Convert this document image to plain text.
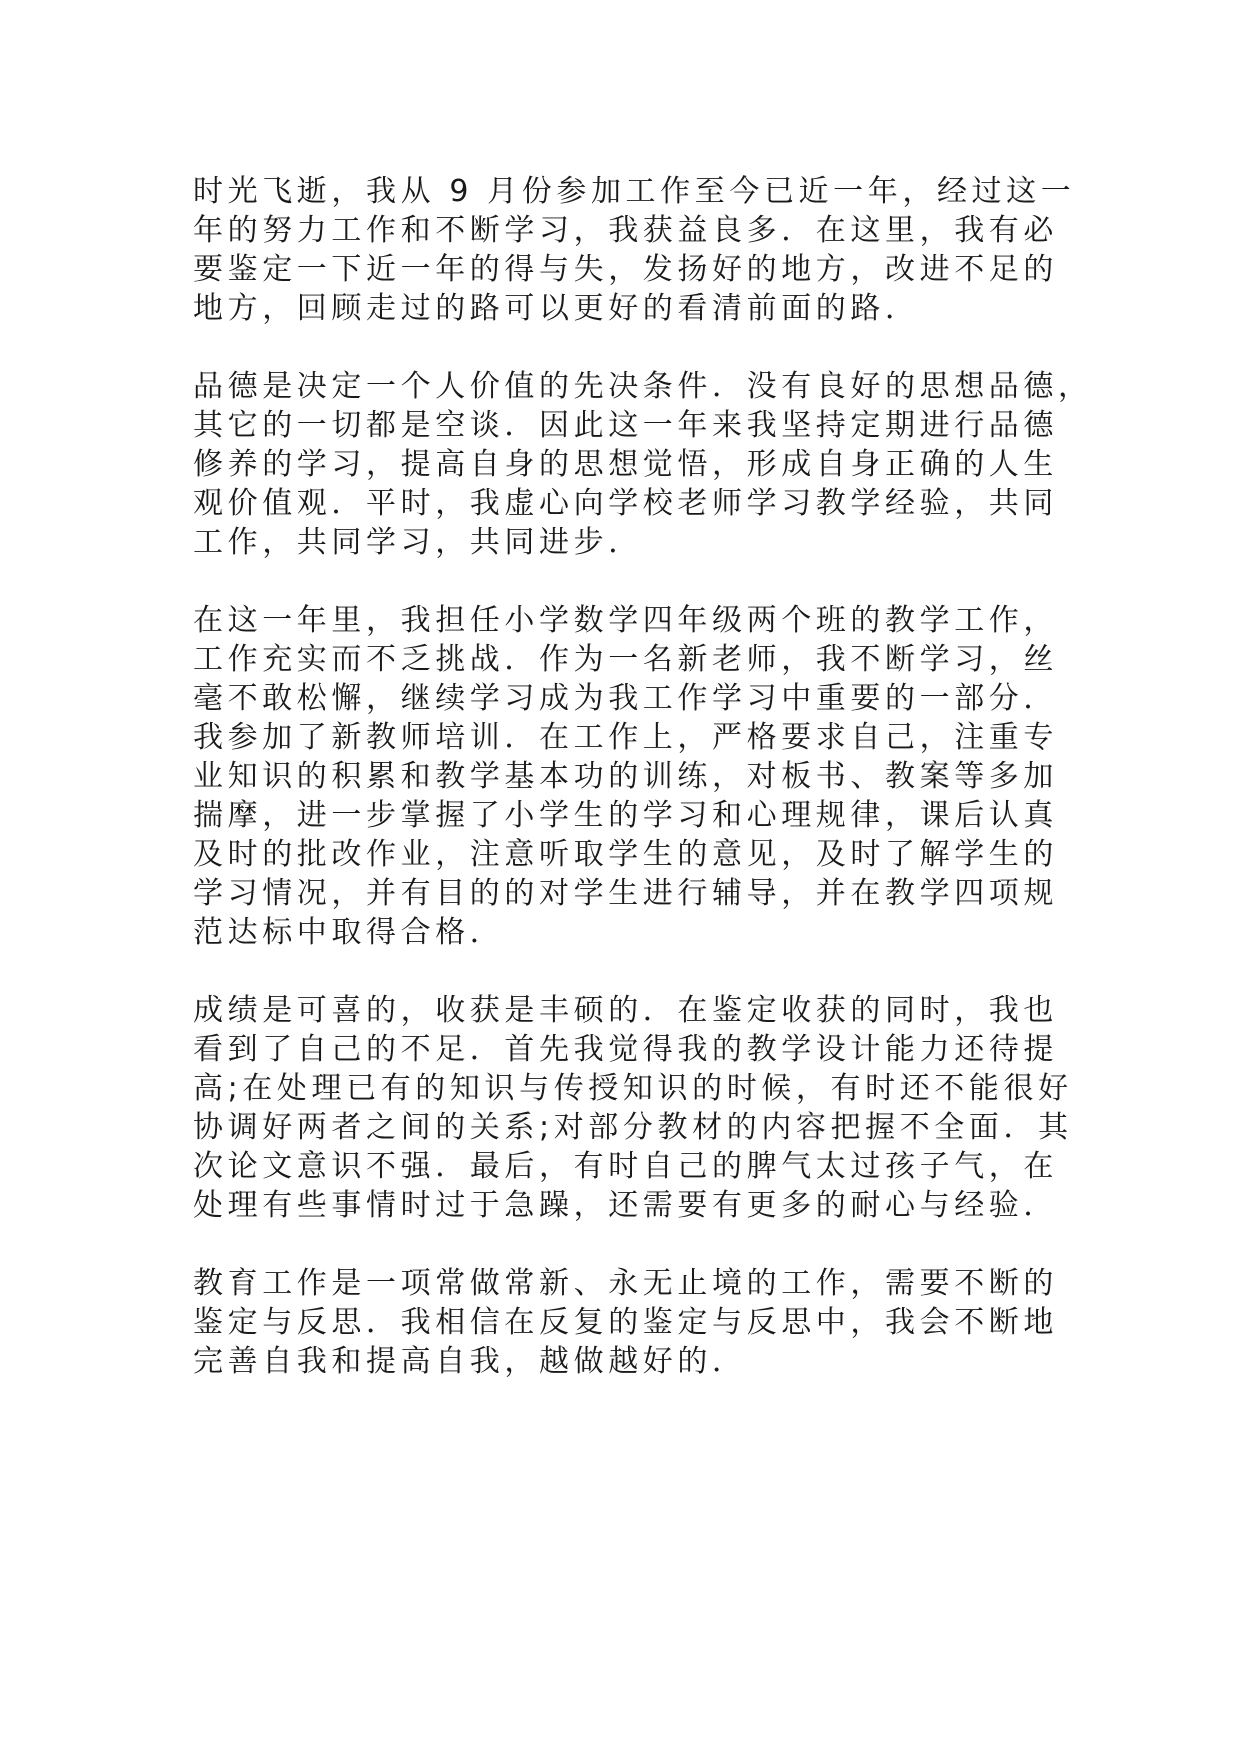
时光飞逝，我从 9 月份参加工作至今已近一年，经过这一
年的努力工作和不断学习，我获益良多．在这里，我有必
要鉴定一下近一年的得与失，发扬好的地方，改进不足的
地方，回顾走过的路可以更好的看清前面的路．

品德是决定一个人价值的先决条件．没有良好的思想品德，
其它的一切都是空谈．因此这一年来我坚持定期进行品德
修养的学习，提高自身的思想觉悟，形成自身正确的人生
观价值观．平时，我虚心向学校老师学习教学经验，共同
工作，共同学习，共同进步．

在这一年里，我担任小学数学四年级两个班的教学工作，
工作充实而不乏挑战．作为一名新老师，我不断学习，丝
毫不敢松懈，继续学习成为我工作学习中重要的一部分．
我参加了新教师培训．在工作上，严格要求自己，注重专
业知识的积累和教学基本功的训练，对板书、教案等多加
揣摩，进一步掌握了小学生的学习和心理规律，课后认真
及时的批改作业，注意听取学生的意见，及时了解学生的
学习情况，并有目的的对学生进行辅导，并在教学四项规
范达标中取得合格．

成绩是可喜的，收获是丰硕的．在鉴定收获的同时，我也
看到了自己的不足．首先我觉得我的教学设计能力还待提
高;在处理已有的知识与传授知识的时候，有时还不能很好
协调好两者之间的关系;对部分教材的内容把握不全面．其
次论文意识不强．最后，有时自己的脾气太过孩子气，在
处理有些事情时过于急躁，还需要有更多的耐心与经验．

教育工作是一项常做常新、永无止境的工作，需要不断的
鉴定与反思．我相信在反复的鉴定与反思中，我会不断地
完善自我和提高自我，越做越好的．
